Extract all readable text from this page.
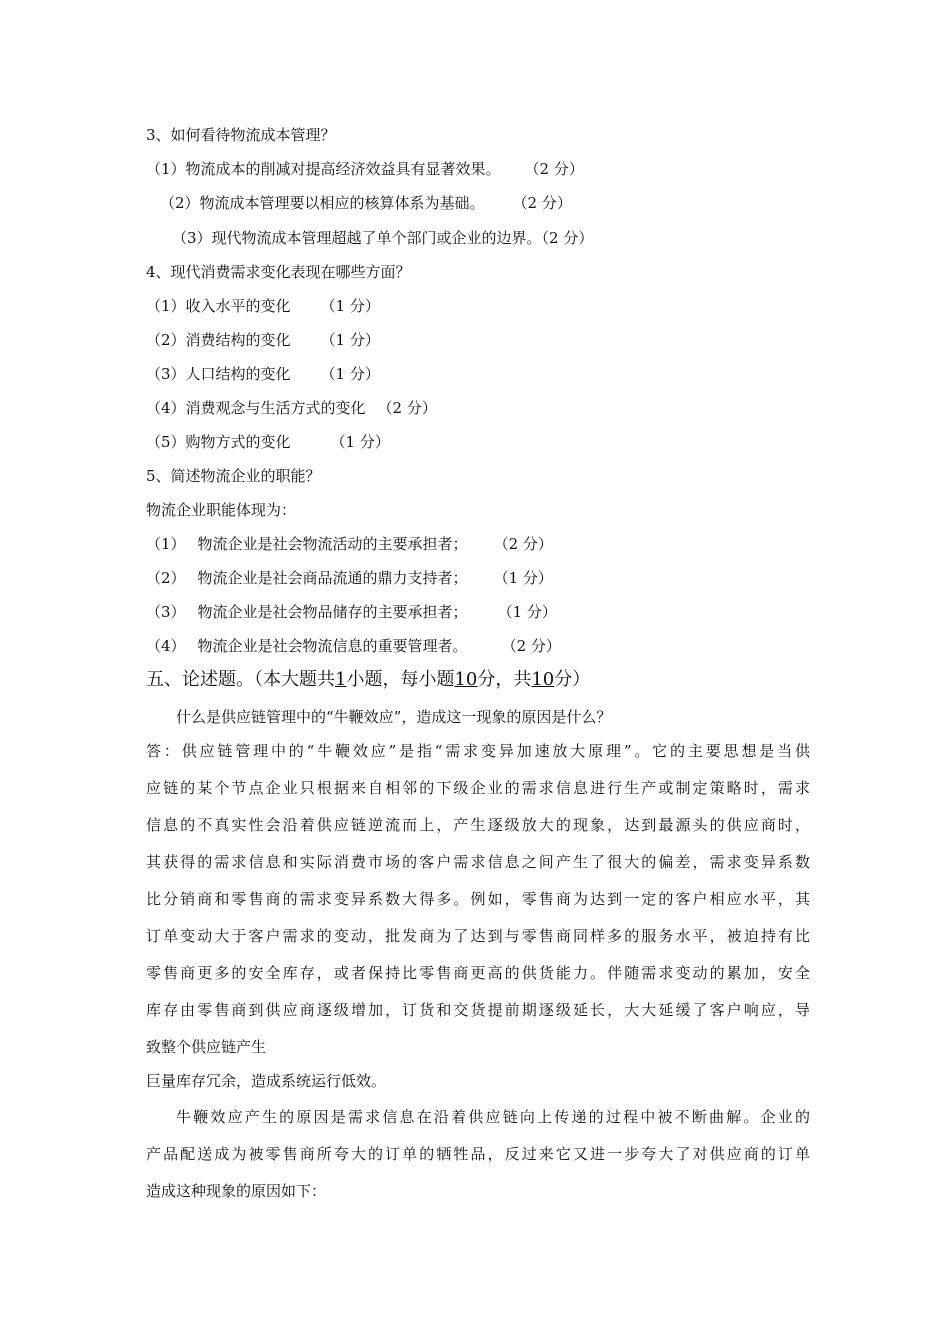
3、如何看待物流成本管理？
（1）物流成本的削减对提高经济效益具有显著效果。 （2 分）
（2）物流成本管理要以相应的核算体系为基础。 （2 分）
（3）现代物流成本管理超越了单个部门或企业的边界。（2 分）
4、现代消费需求变化表现在哪些方面？
（1）收入水平的变化 （1 分）
（2）消费结构的变化 （1 分）
（3）人口结构的变化 （1 分）
（4）消费观念与生活方式的变化 （2 分）
（5）购物方式的变化	（1 分）
5、简述物流企业的职能？
物流企业职能体现为：
（1） 物流企业是社会物流活动的主要承担者； （2 分）
（2） 物流企业是社会商品流通的鼎力支持者； （1 分）
（3） 物流企业是社会物品储存的主要承担者； （1 分）
（4） 物流企业是社会物流信息的重要管理者。 （2 分）
五、论述题。（本大题共1小题，每小题10分，共10分）
什么是供应链管理中的“牛鞭效应”，造成这一现象的原因是什么？
答：供应链管理中的“牛鞭效应”是指“需求变异加速放大原理”。它的主要思想是当供
应链的某个节点企业只根据来自相邻的下级企业的需求信息进行生产或制定策略时，需求
信息的不真实性会沿着供应链逆流而上，产生逐级放大的现象，达到最源头的供应商时，
其获得的需求信息和实际消费市场的客户需求信息之间产生了很大的偏差，需求变异系数
比分销商和零售商的需求变异系数大得多。例如，零售商为达到一定的客户相应水平，其
订单变动大于客户需求的变动，批发商为了达到与零售商同样多的服务水平，被迫持有比
零售商更多的安全库存，或者保持比零售商更高的供货能力。伴随需求变动的累加，安全
库存由零售商到供应商逐级增加，订货和交货提前期逐级延长，大大延缓了客户响应，导
致整个供应链产生
巨量库存冗余，造成系统运行低效。
牛鞭效应产生的原因是需求信息在沿着供应链向上传递的过程中被不断曲解。企业的
产品配送成为被零售商所夸大的订单的牺牲品，反过来它又进一步夸大了对供应商的订单
造成这种现象的原因如下：
